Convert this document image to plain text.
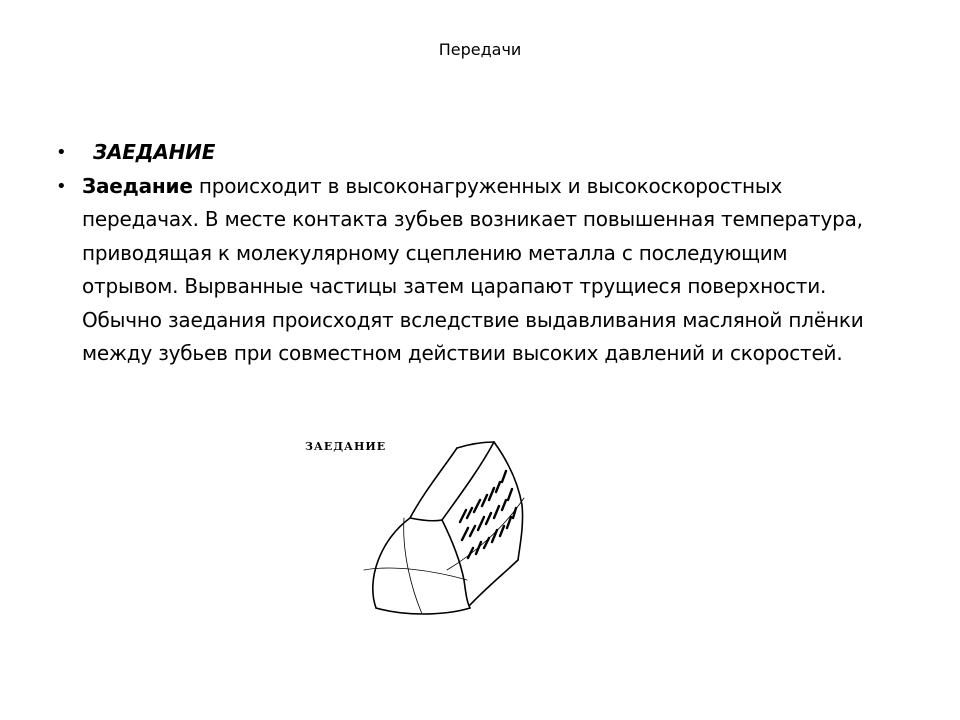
Передачи
• ЗАЕДАНИЕ
• Заедание происходит в высоконагруженных и высокоскоростных передачах. В месте контакта зубьев возникает повышенная температура, приводящая к молекулярному сцеплению металла с последующим отрывом. Вырванные частицы затем царапают трущиеся поверхности. Обычно заедания происходят вследствие выдавливания масляной плёнки между зубьев при совместном действии высоких давлений и скоростей.
ЗАЕДАНИЕ
